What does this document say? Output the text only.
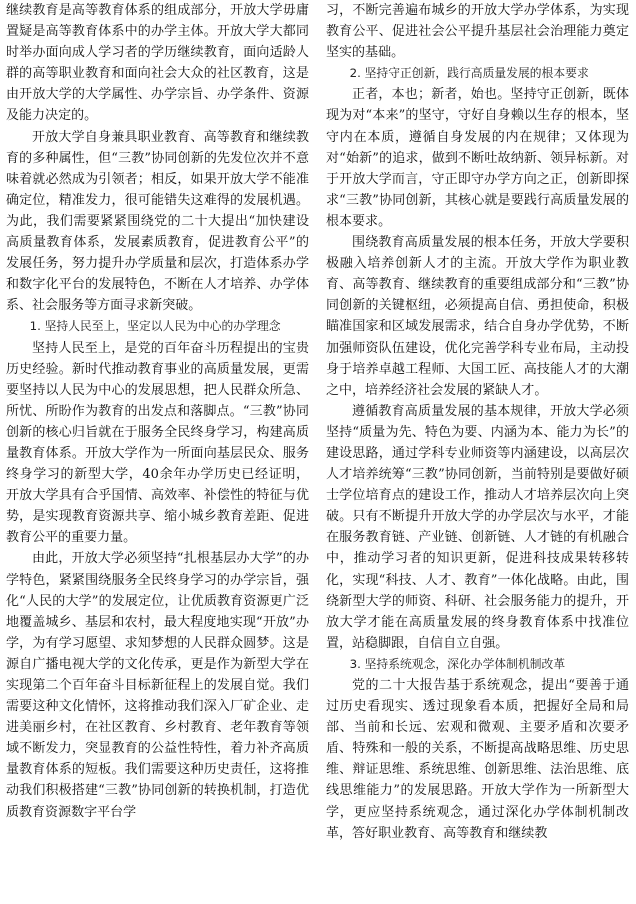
继续教育是高等教育体系的组成部分，开放大学毋庸置疑是高等教育体系中的办学主体。开放大学大都同时举办面向成人学习者的学历继续教育，面向适龄人群的高等职业教育和面向社会大众的社区教育，这是由开放大学的大学属性、办学宗旨、办学条件、资源及能力决定的。

开放大学自身兼具职业教育、高等教育和继续教育的多种属性，但“三教”协同创新的先发位次并不意味着就必然成为引领者；相反，如果开放大学不能准确定位，精准发力，很可能错失这难得的发展机遇。为此，我们需要紧紧围绕党的二十大提出“加快建设高质量教育体系，发展素质教育，促进教育公平”的发展任务，努力提升办学质量和层次，打造体系办学和数字化平台的发展特色，不断在人才培养、办学体系、社会服务等方面寻求新突破。

1. 坚持人民至上，坚定以人民为中心的办学理念

坚持人民至上，是党的百年奋斗历程提出的宝贵历史经验。新时代推动教育事业的高质量发展，更需要坚持以人民为中心的发展思想，把人民群众所急、所忧、所盼作为教育的出发点和落脚点。“三教”协同创新的核心归旨就在于服务全民终身学习，构建高质量教育体系。开放大学作为一所面向基层民众、服务终身学习的新型大学，40余年办学历史已经证明，开放大学具有合乎国情、高效率、补偿性的特征与优势，是实现教育资源共享、缩小城乡教育差距、促进教育公平的重要力量。

由此，开放大学必须坚持“扎根基层办大学”的办学特色，紧紧围绕服务全民终身学习的办学宗旨，强化“人民的大学”的发展定位，让优质教育资源更广泛地覆盖城乡、基层和农村，最大程度地实现“开放”办学，为有学习愿望、求知梦想的人民群众圆梦。这是源自广播电视大学的文化传承，更是作为新型大学在实现第二个百年奋斗目标新征程上的发展自觉。我们需要这种文化情怀，这将推动我们深入厂矿企业、走进美丽乡村，在社区教育、乡村教育、老年教育等领域不断发力，突显教育的公益性特性，着力补齐高质量教育体系的短板。我们需要这种历史责任，这将推动我们积极搭建“三教”协同创新的转换机制，打造优质教育资源数字平台学

习，不断完善遍布城乡的开放大学办学体系，为实现教育公平、促进社会公平提升基层社会治理能力奠定坚实的基础。

2. 坚持守正创新，践行高质量发展的根本要求

正者，本也；新者，始也。坚持守正创新，既体现为对“本来”的坚守，守好自身赖以生存的根本，坚守内在本质，遵循自身发展的内在规律；又体现为对“始新”的追求，做到不断吐故纳新、领异标新。对于开放大学而言，守正即守办学方向之正，创新即探求“三教”协同创新，其核心就是要践行高质量发展的根本要求。

围绕教育高质量发展的根本任务，开放大学要积极融入培养创新人才的主流。开放大学作为职业教育、高等教育、继续教育的重要组成部分和“三教”协同创新的关键枢纽，必须提高自信、勇担使命，积极瞄准国家和区域发展需求，结合自身办学优势，不断加强师资队伍建设，优化完善学科专业布局，主动投身于培养卓越工程师、大国工匠、高技能人才的大潮之中，培养经济社会发展的紧缺人才。

遵循教育高质量发展的基本规律，开放大学必须坚持“质量为先、特色为要、内涵为本、能力为长”的建设思路，通过学科专业师资等内涵建设，以高层次人才培养统筹“三教”协同创新，当前特别是要做好硕士学位培育点的建设工作，推动人才培养层次向上突破。只有不断提升开放大学的办学层次与水平，才能在服务教育链、产业链、创新链、人才链的有机融合中，推动学习者的知识更新，促进科技成果转移转化，实现“科技、人才、教育”一体化战略。由此，围绕新型大学的师资、科研、社会服务能力的提升，开放大学才能在高质量发展的终身教育体系中找准位置，站稳脚跟，自信自立自强。

3. 坚持系统观念，深化办学体制机制改革

党的二十大报告基于系统观念，提出“要善于通过历史看现实、透过现象看本质，把握好全局和局部、当前和长远、宏观和微观、主要矛盾和次要矛盾、特殊和一般的关系，不断提高战略思维、历史思维、辩证思维、系统思维、创新思维、法治思维、底线思维能力”的发展思路。开放大学作为一所新型大学，更应坚持系统观念，通过深化办学体制机制改革，答好职业教育、高等教育和继续教
